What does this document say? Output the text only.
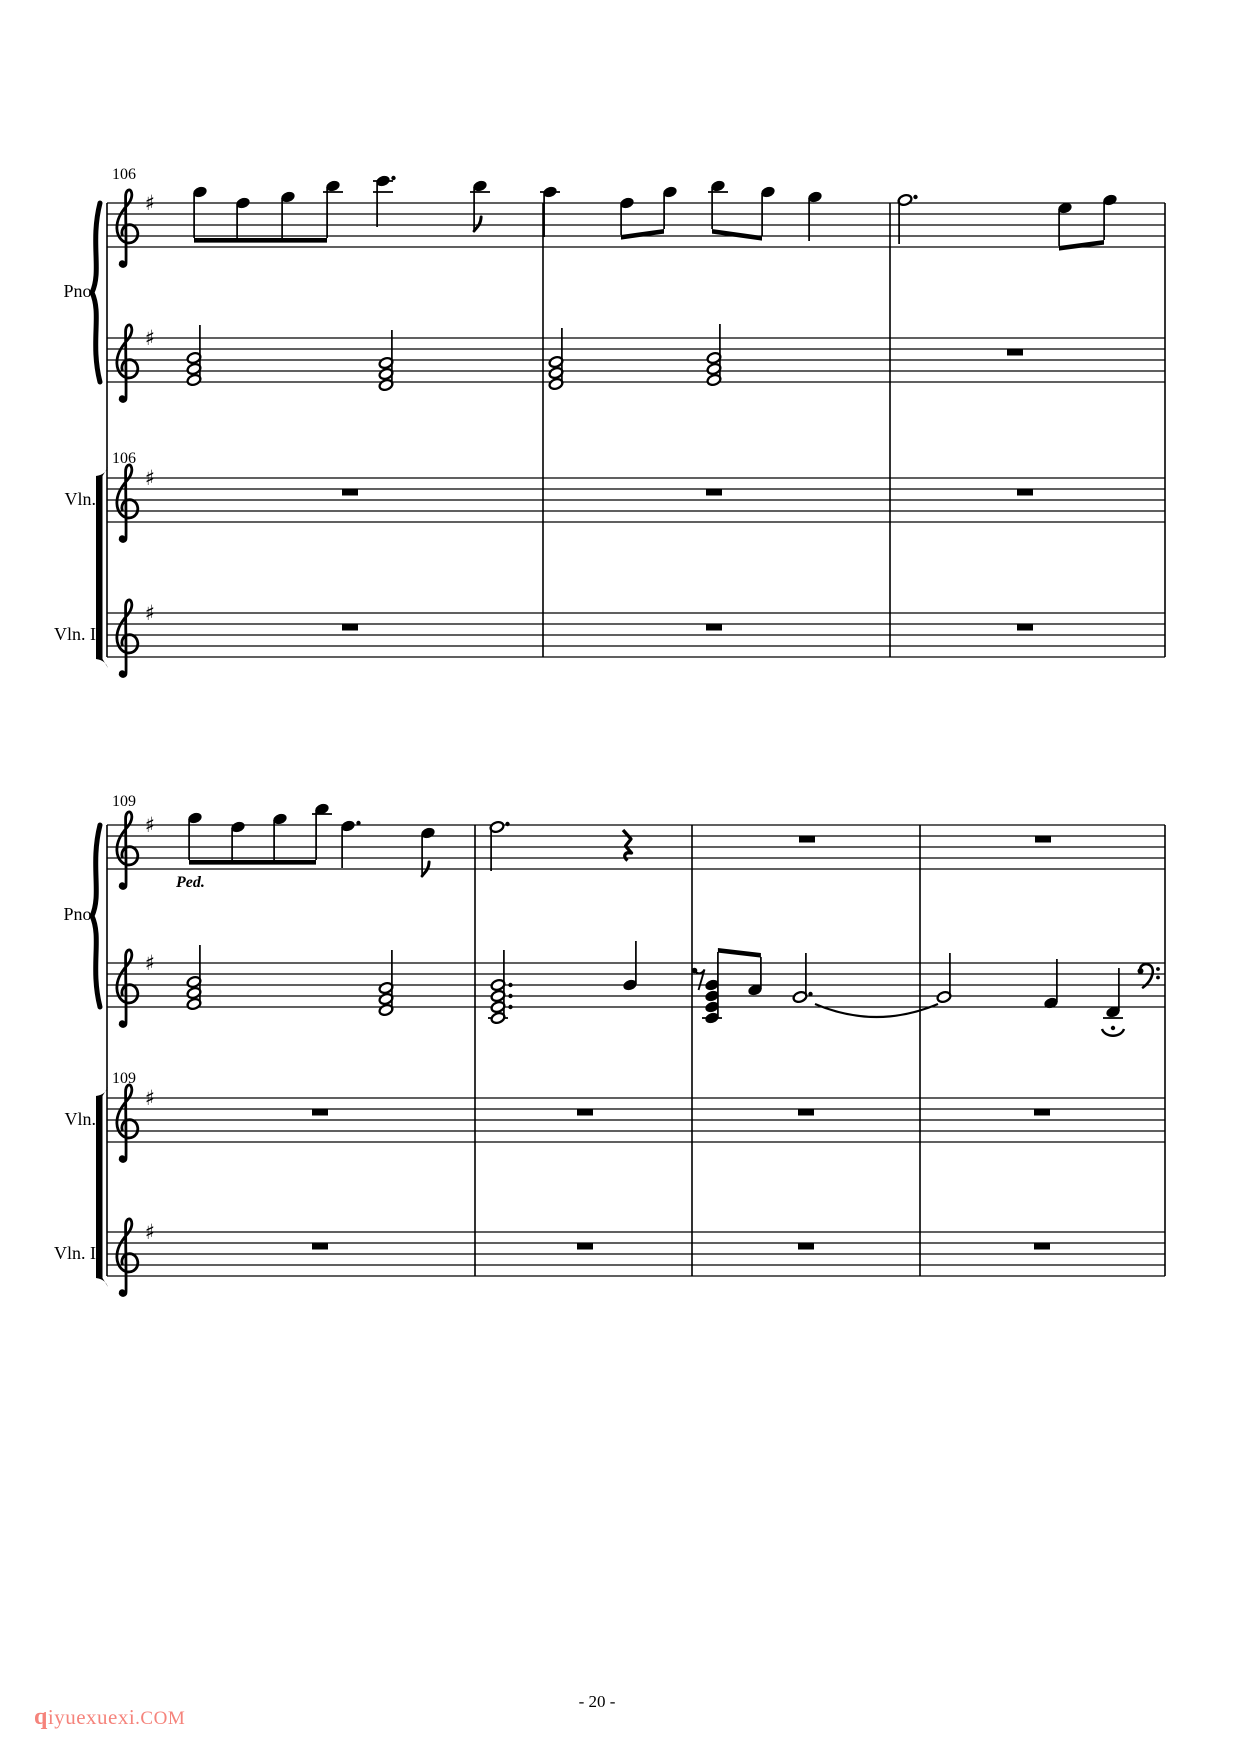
♯
♯
♯
♯
♯
♯
♯
♯
106
106
109
109
Pno.
Vln.
Vln. I
Pno.
Vln.
Vln. I
Ped.
- 20 -
qiyuexuexi.COM
